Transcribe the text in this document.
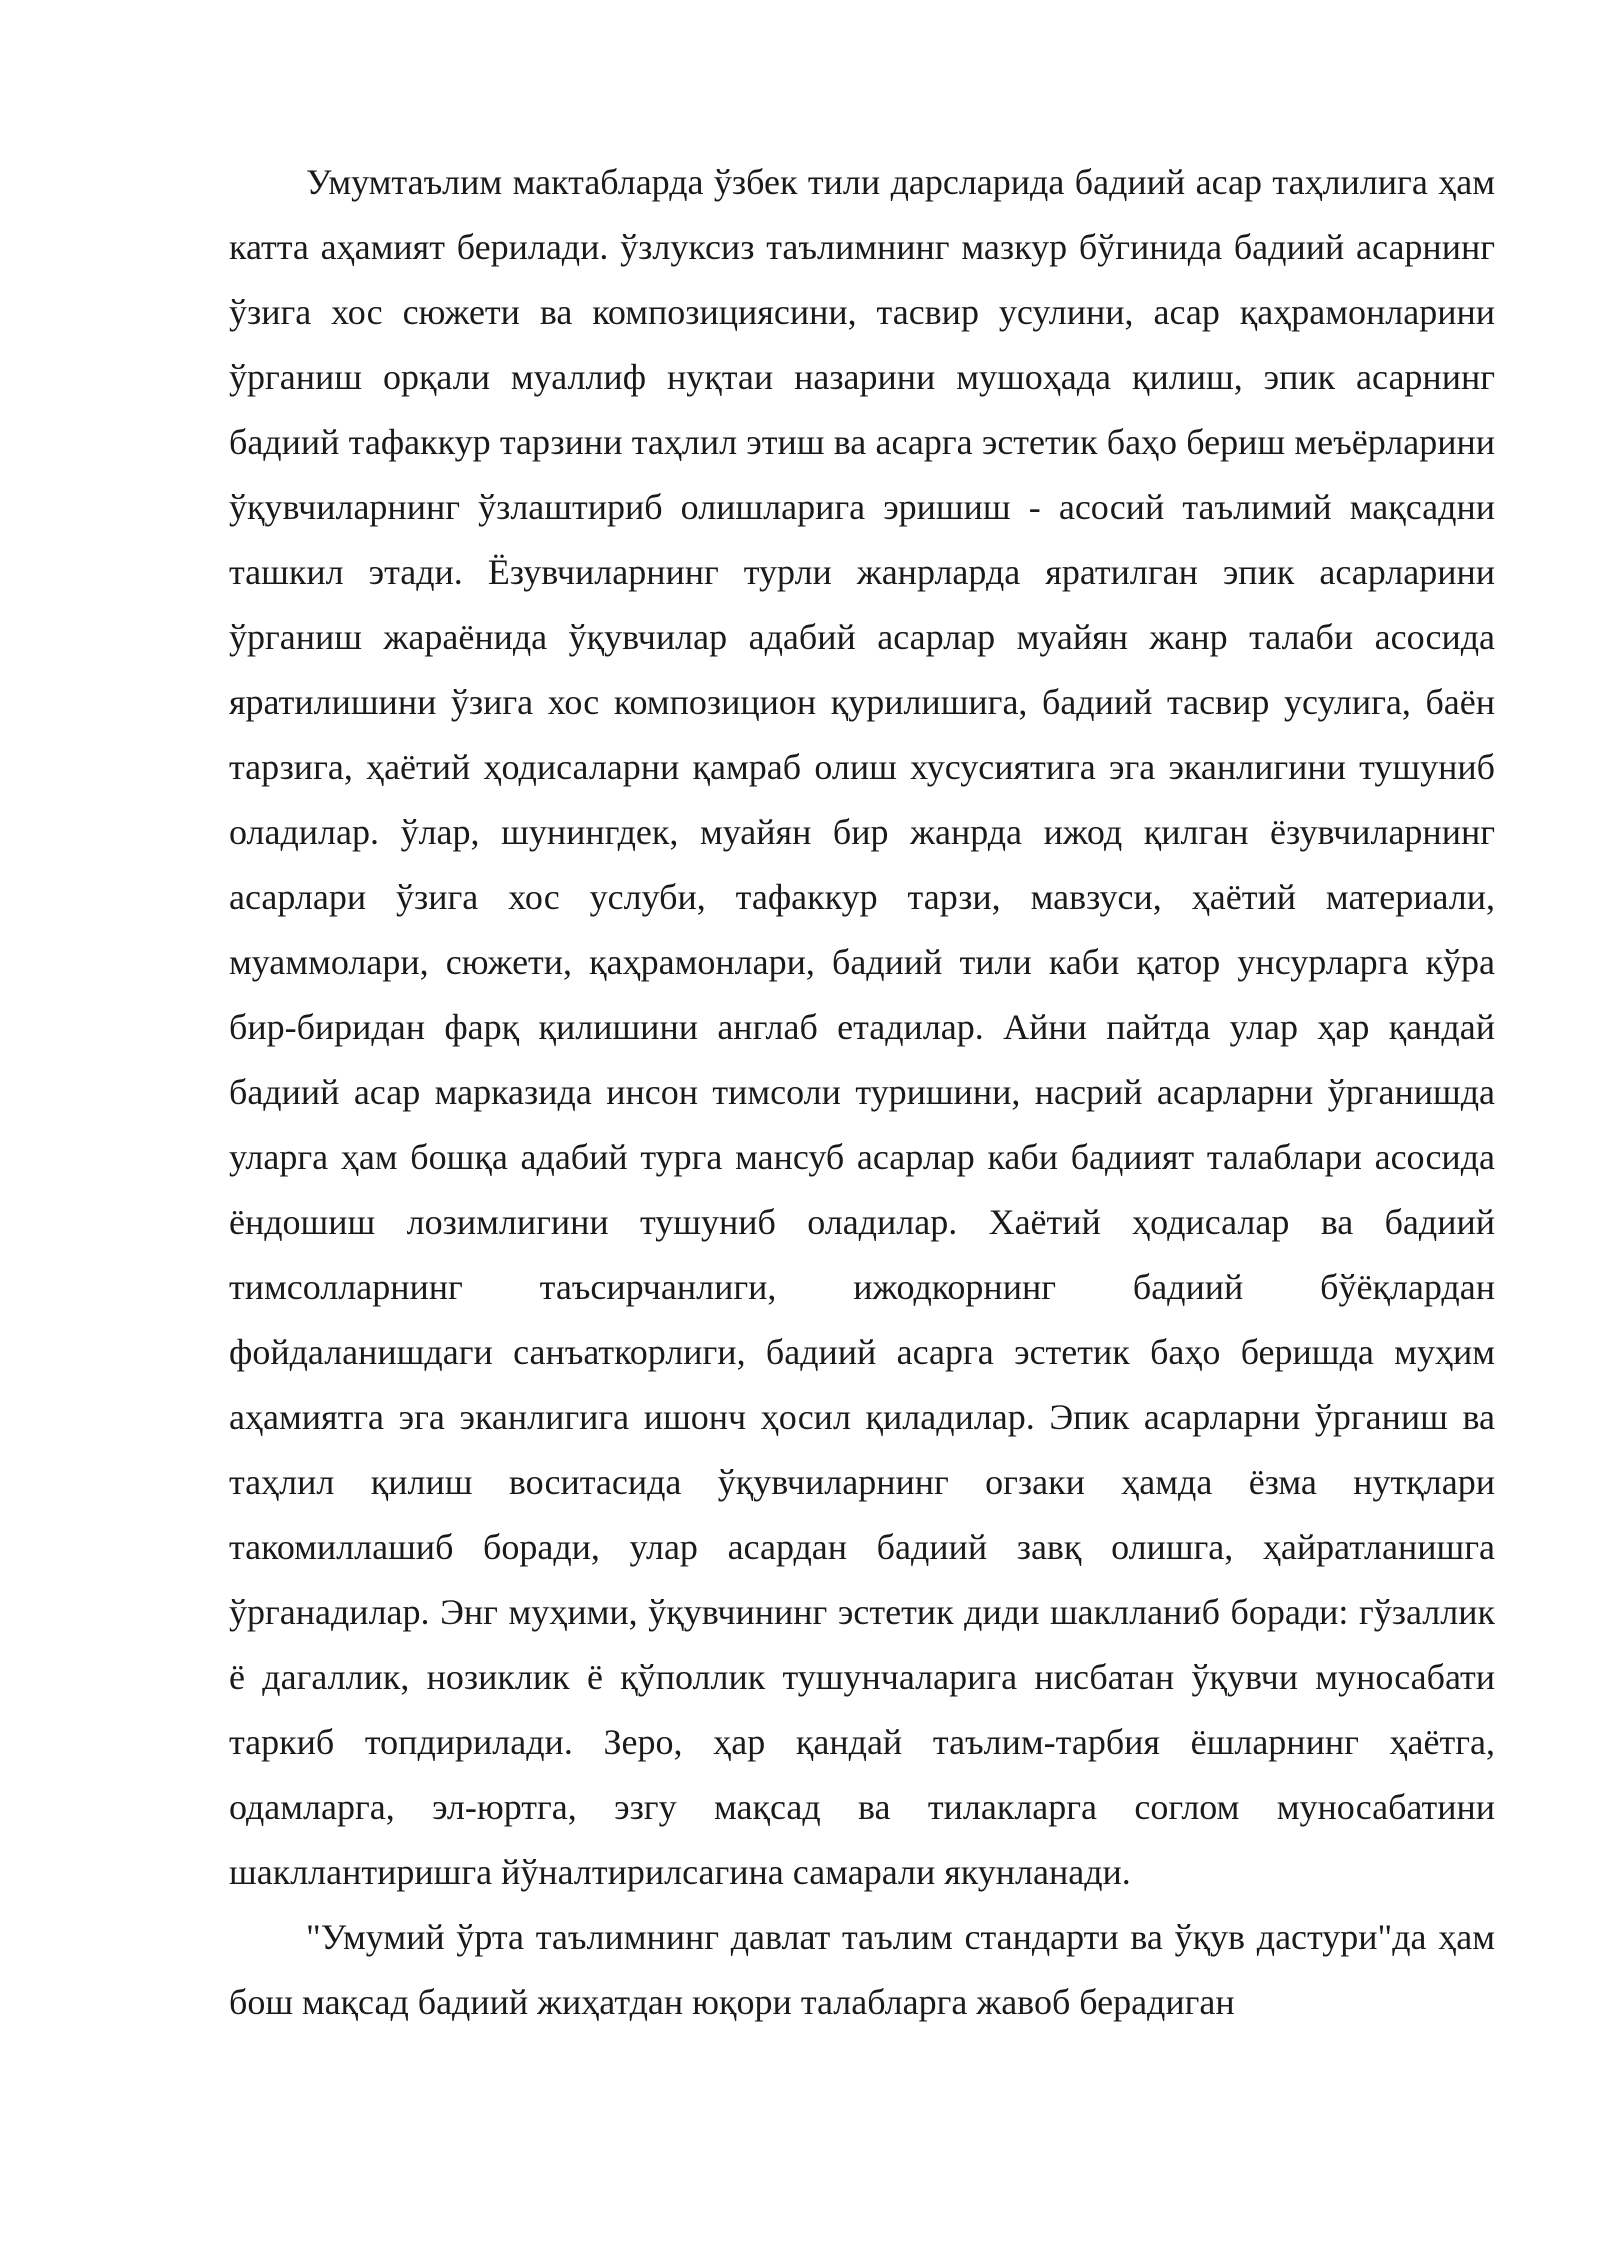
Умумтаълим мактабларда ўзбек тили дарсларида бадиий асар таҳлилига ҳам катта аҳамият берилади. ўзлуксиз таълимнинг мазкур бўгинида бадиий асарнинг ўзига хос сюжети ва композициясини, тасвир усулини, асар қаҳрамонларини ўрганиш орқали муаллиф нуқтаи назарини мушоҳада қилиш, эпик асарнинг бадиий тафаккур тарзини таҳлил этиш ва асарга эстетик баҳо бериш меъёрларини ўқувчиларнинг ўзлаштириб олишларига эришиш - асосий таълимий мақсадни ташкил этади. Ёзувчиларнинг турли жанрларда яратилган эпик асарларини ўрганиш жараёнида ўқувчилар адабий асарлар муайян жанр талаби асосида яратилишини ўзига хос композицион қурилишига, бадиий тасвир усулига, баён тарзига, ҳаётий ҳодисаларни қамраб олиш хусусиятига эга эканлигини тушуниб оладилар. ўлар, шунингдек, муайян бир жанрда ижод қилган ёзувчиларнинг асарлари ўзига хос услуби, тафаккур тарзи, мавзуси, ҳаётий материали, муаммолари, сюжети, қаҳрамонлари, бадиий тили каби қатор унсурларга кўра бир-биридан фарқ қилишини англаб етадилар. Айни пайтда улар ҳар қандай бадиий асар марказида инсон тимсоли туришини, насрий асарларни ўрганишда уларга ҳам бошқа адабий турга мансуб асарлар каби бадиият талаблари асосида ёндошиш лозимлигини тушуниб оладилар. Хаётий ҳодисалар ва бадиий тимсолларнинг таъсирчанлиги, ижодкорнинг бадиий бўёқлардан фойдаланишдаги санъаткорлиги, бадиий асарга эстетик баҳо беришда муҳим аҳамиятга эга эканлигига ишонч ҳосил қиладилар. Эпик асарларни ўрганиш ва таҳлил қилиш воситасида ўқувчиларнинг огзаки ҳамда ёзма нутқлари такомиллашиб боради, улар асардан бадиий завқ олишга, ҳайратланишга ўрганадилар. Энг муҳими, ўқувчининг эстетик диди шаклланиб боради: гўзаллик ё дагаллик, нозиклик ё қўполлик тушунчаларига нисбатан ўқувчи муносабати таркиб топдирилади. Зеро, ҳар қандай таълим-тарбия ёшларнинг ҳаётга, одамларга, эл-юртга, эзгу мақсад ва тилакларга соглом муносабатини шакллантиришга йўналтирилсагина самарали якунланади.

"Умумий ўрта таълимнинг давлат таълим стандарти ва ўқув дастури"да ҳам бош мақсад бадиий жиҳатдан юқори талабларга жавоб берадиган
